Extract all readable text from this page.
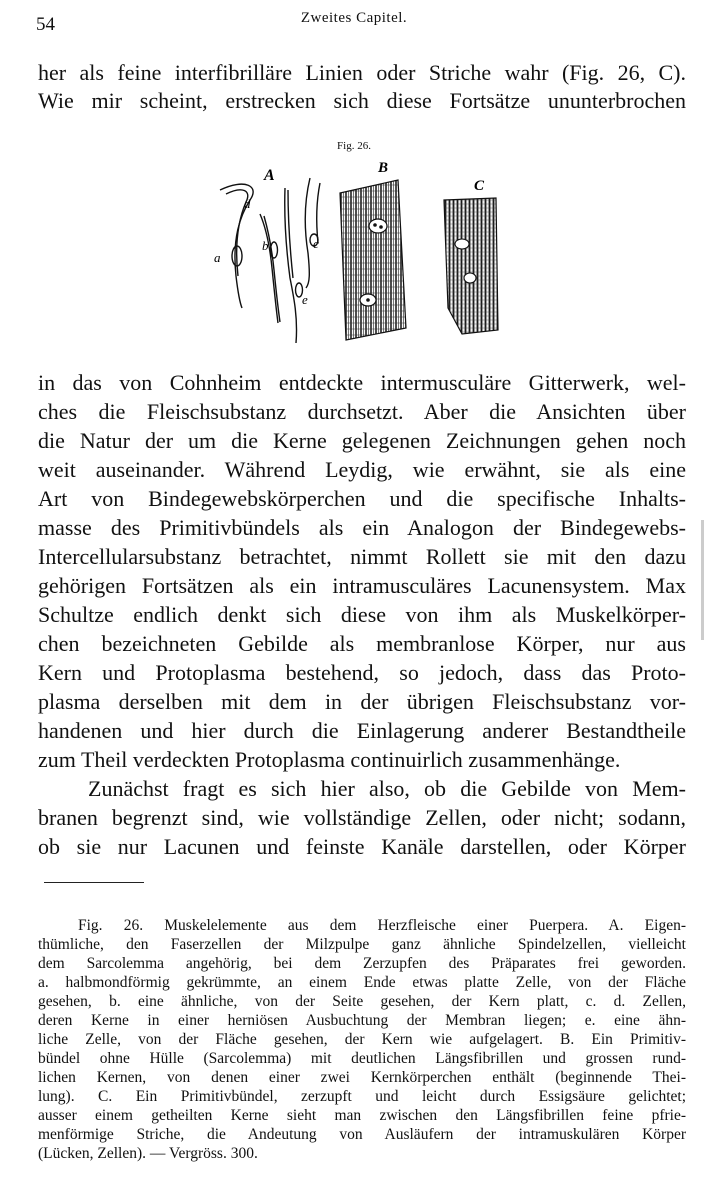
54	Zweites Capitel.
her als feine interfibrilläre Linien oder Striche wahr (Fig. 26, C).
Wie mir scheint, erstrecken sich diese Fortsätze ununterbrochen
Fig. 26.
A
d
a
b	c
e
B
C
in das von Cohnheim entdeckte intermusculäre Gitterwerk, wel-
ches die Fleischsubstanz durchsetzt. Aber die Ansichten über
die Natur der um die Kerne gelegenen Zeichnungen gehen noch
weit auseinander. Während Leydig, wie erwähnt, sie als eine
Art von Bindegewebskörperchen und die specifische Inhalts-
masse des Primitivbündels als ein Analogon der Bindegewebs-
Intercellularsubstanz betrachtet, nimmt Rollett sie mit den dazu
gehörigen Fortsätzen als ein intramusculäres Lacunensystem. Max
Schultze endlich denkt sich diese von ihm als Muskelkörper-
chen bezeichneten Gebilde als membranlose Körper, nur aus
Kern und Protoplasma bestehend, so jedoch, dass das Proto-
plasma derselben mit dem in der übrigen Fleischsubstanz vor-
handenen und hier durch die Einlagerung anderer Bestandtheile
zum Theil verdeckten Protoplasma continuirlich zusammenhänge.
Zunächst fragt es sich hier also, ob die Gebilde von Mem-
branen begrenzt sind, wie vollständige Zellen, oder nicht; sodann,
ob sie nur Lacunen und feinste Kanäle darstellen, oder Körper
Fig. 26. Muskelelemente aus dem Herzfleische einer Puerpera. A. Eigen-
thümliche, den Faserzellen der Milzpulpe ganz ähnliche Spindelzellen, vielleicht
dem Sarcolemma angehörig, bei dem Zerzupfen des Präparates frei geworden.
a. halbmondförmig gekrümmte, an einem Ende etwas platte Zelle, von der Fläche
gesehen, b. eine ähnliche, von der Seite gesehen, der Kern platt, c. d. Zellen,
deren Kerne in einer herniösen Ausbuchtung der Membran liegen; e. eine ähn-
liche Zelle, von der Fläche gesehen, der Kern wie aufgelagert. B. Ein Primitiv-
bündel ohne Hülle (Sarcolemma) mit deutlichen Längsfibrillen und grossen rund-
lichen Kernen, von denen einer zwei Kernkörperchen enthält (beginnende Thei-
lung). C. Ein Primitivbündel, zerzupft und leicht durch Essigsäure gelichtet;
ausser einem getheilten Kerne sieht man zwischen den Längsfibrillen feine pfrie-
menförmige Striche, die Andeutung von Ausläufern der intramuskulären Körper
(Lücken, Zellen). — Vergröss. 300.
